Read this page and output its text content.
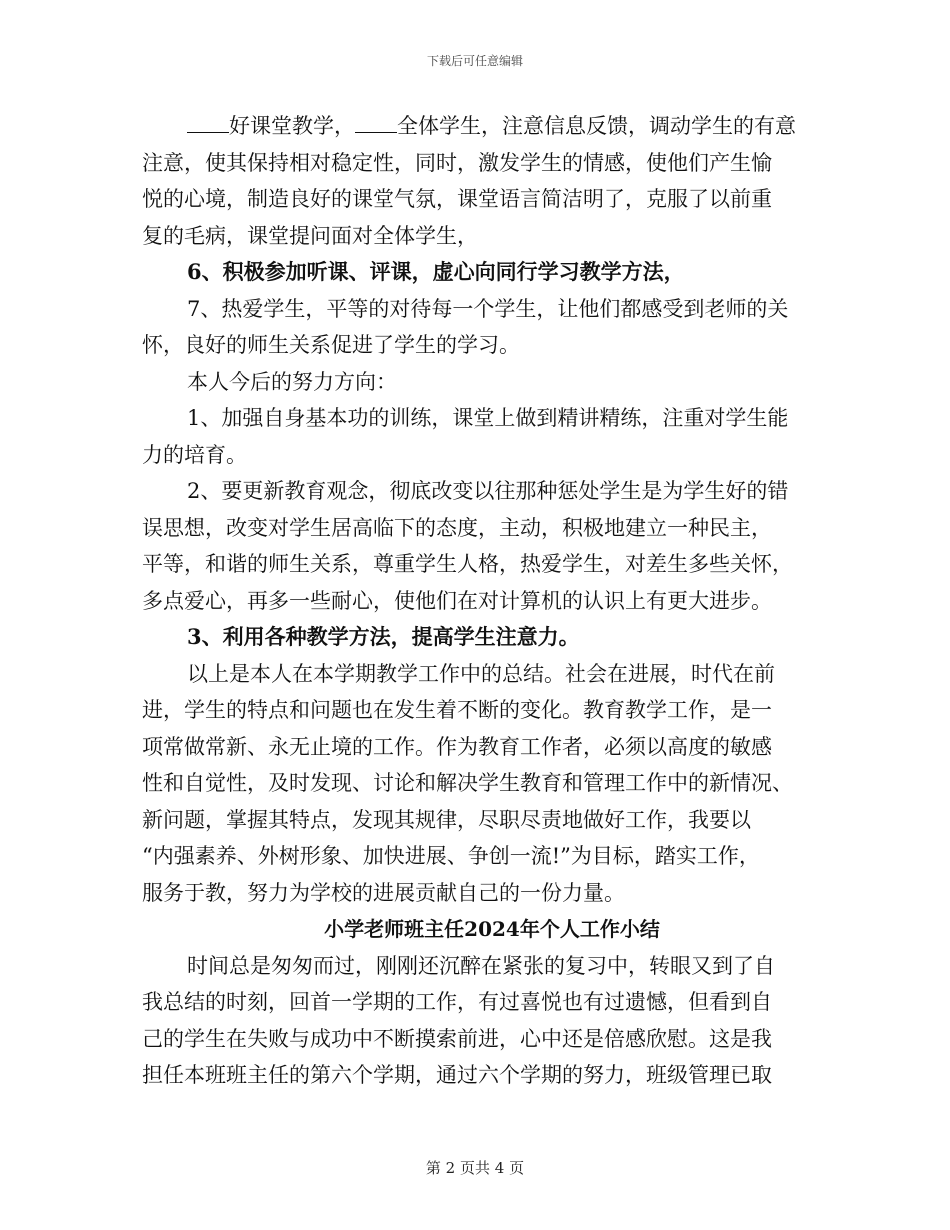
下载后可任意编辑
好课堂教学， 全体学生，注意信息反馈，调动学生的有意
注意，使其保持相对稳定性，同时，激发学生的情感，使他们产生愉
悦的心境，制造良好的课堂气氛，课堂语言简洁明了，克服了以前重
复的毛病，课堂提问面对全体学生，
6、积极参加听课、评课，虚心向同行学习教学方法，
7、热爱学生，平等的对待每一个学生，让他们都感受到老师的关
怀，良好的师生关系促进了学生的学习。
本人今后的努力方向：
1、加强自身基本功的训练，课堂上做到精讲精练，注重对学生能
力的培育。
2、要更新教育观念，彻底改变以往那种惩处学生是为学生好的错
误思想，改变对学生居高临下的态度，主动，积极地建立一种民主，
平等，和谐的师生关系，尊重学生人格，热爱学生，对差生多些关怀，
多点爱心，再多一些耐心，使他们在对计算机的认识上有更大进步。
3、利用各种教学方法，提高学生注意力。
以上是本人在本学期教学工作中的总结。社会在进展，时代在前
进，学生的特点和问题也在发生着不断的变化。教育教学工作，是一
项常做常新、永无止境的工作。作为教育工作者，必须以高度的敏感
性和自觉性，及时发现、讨论和解决学生教育和管理工作中的新情况、
新问题，掌握其特点，发现其规律，尽职尽责地做好工作，我要以
“内强素养、外树形象、加快进展、争创一流!”为目标，踏实工作，
服务于教，努力为学校的进展贡献自己的一份力量。
小学老师班主任2024年个人工作小结
时间总是匆匆而过，刚刚还沉醉在紧张的复习中，转眼又到了自
我总结的时刻，回首一学期的工作，有过喜悦也有过遗憾，但看到自
己的学生在失败与成功中不断摸索前进，心中还是倍感欣慰。这是我
担任本班班主任的第六个学期，通过六个学期的努力，班级管理已取
第 2 页共 4 页
